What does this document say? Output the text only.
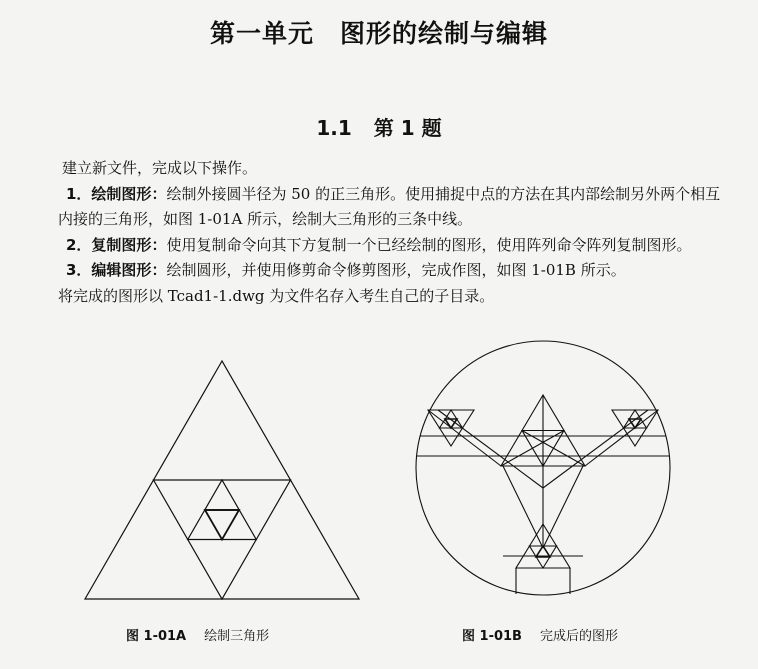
第一单元　图形的绘制与编辑
1.1 第 1 题

建立新文件，完成以下操作。

1．绘制图形：绘制外接圆半径为 50 的正三角形。使用捕捉中点的方法在其内部绘制另外两个相互内接的三角形，如图 1-01A 所示，绘制大三角形的三条中线。

2．复制图形：使用复制命令向其下方复制一个已经绘制的图形，使用阵列命令阵列复制图形。

3．编辑图形：绘制圆形，并使用修剪命令修剪图形，完成作图，如图 1-01B 所示。

将完成的图形以 Tcad1-1.dwg 为文件名存入考生自己的子目录。

图 1-01A 绘制三角形	图 1-01B 完成后的图形
